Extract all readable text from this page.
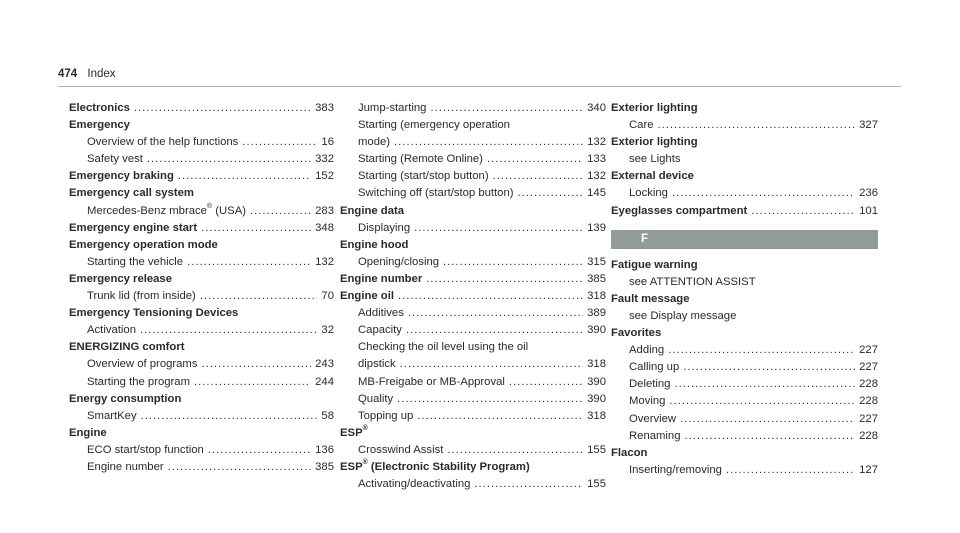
474 Index
Electronics .....	383
Emergency
Overview of the help functions .....	16
Safety vest .....	332
Emergency braking .....	152
Emergency call system
Mercedes-Benz mbrace® (USA) .....	283
Emergency engine start .....	348
Emergency operation mode
Starting the vehicle .....	132
Emergency release
Trunk lid (from inside) .....	70
Emergency Tensioning Devices
Activation .....	32
ENERGIZING comfort
Overview of programs .....	243
Starting the program .....	244
Energy consumption
SmartKey .....	58
Engine
ECO start/stop function .....	136
Engine number .....	385
Jump-starting .....	340
Starting (emergency operation
mode) .....	132
Starting (Remote Online) .....	133
Starting (start/stop button) .....	132
Switching off (start/stop button) .....	145
Engine data
Displaying .....	139
Engine hood
Opening/closing .....	315
Engine number .....	385
Engine oil .....	318
Additives .....	389
Capacity .....	390
Checking the oil level using the oil
dipstick .....	318
MB-Freigabe or MB-Approval .....	390
Quality .....	390
Topping up .....	318
ESP®
Crosswind Assist .....	155
ESP® (Electronic Stability Program)
Activating/deactivating .....	155
Exterior lighting
Care .....	327
Exterior lighting
see Lights
External device
Locking .....	236
Eyeglasses compartment .....	101
F
Fatigue warning
see ATTENTION ASSIST
Fault message
see Display message
Favorites
Adding .....	227
Calling up .....	227
Deleting .....	228
Moving .....	228
Overview .....	227
Renaming .....	228
Flacon
Inserting/removing .....	127
